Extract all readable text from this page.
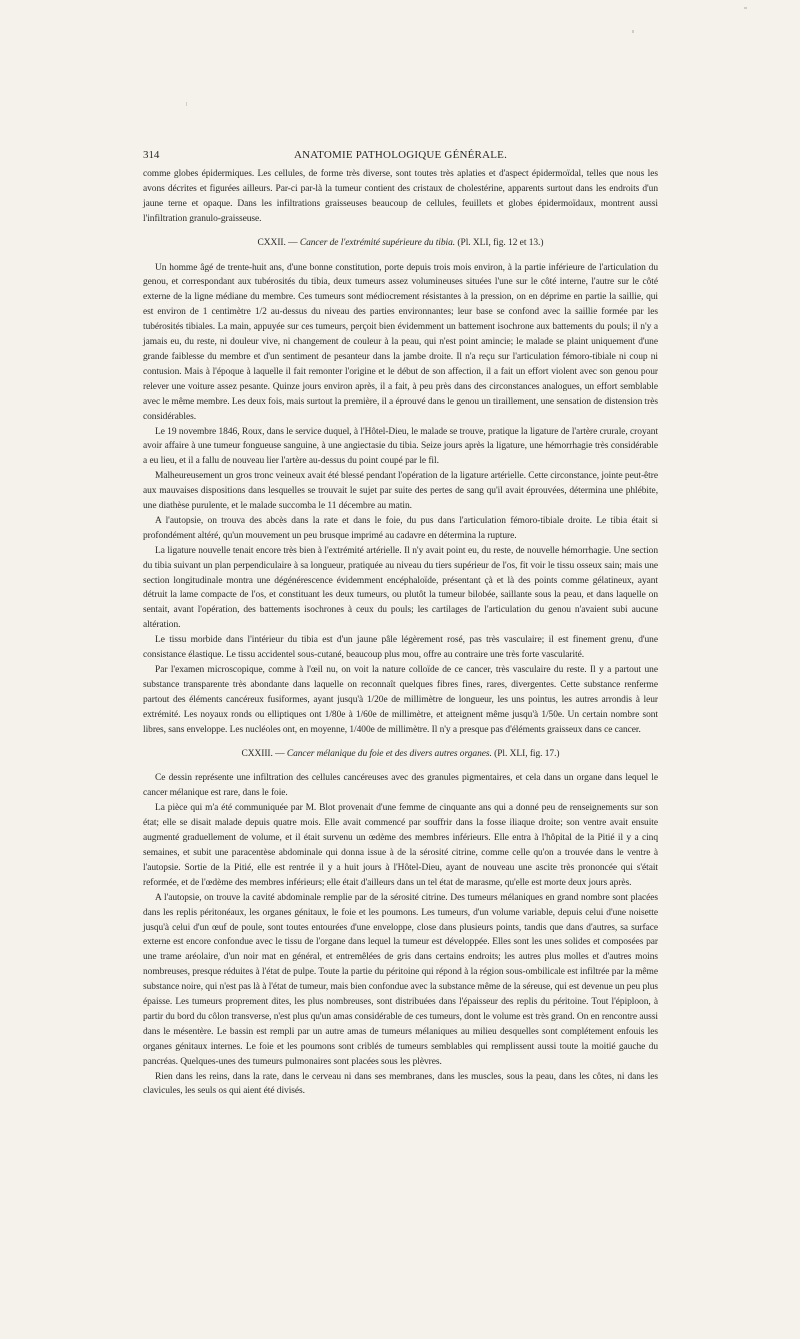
314	ANATOMIE PATHOLOGIQUE GÉNÉRALE.

comme globes épidermiques. Les cellules, de forme très diverse, sont toutes très aplaties et d'aspect épidermoïdal, telles que nous les avons décrites et figurées ailleurs. Par-ci par-là la tumeur contient des cristaux de cholestérine, apparents surtout dans les endroits d'un jaune terne et opaque. Dans les infiltrations graisseuses beaucoup de cellules, feuillets et globes épidermoïdaux, montrent aussi l'infiltration granulo-graisseuse.

CXXII. — Cancer de l'extrémité supérieure du tibia. (Pl. XLI, fig. 12 et 13.)

Un homme âgé de trente-huit ans, d'une bonne constitution, porte depuis trois mois environ, à la partie inférieure de l'articulation du genou, et correspondant aux tubérosités du tibia, deux tumeurs assez volumineuses situées l'une sur le côté interne, l'autre sur le côté externe de la ligne médiane du membre. Ces tumeurs sont médiocrement résistantes à la pression, on en déprime en partie la saillie, qui est environ de 1 centimètre 1/2 au-dessus du niveau des parties environnantes; leur base se confond avec la saillie formée par les tubérosités tibiales. La main, appuyée sur ces tumeurs, perçoit bien évidemment un battement isochrone aux battements du pouls; il n'y a jamais eu, du reste, ni douleur vive, ni changement de couleur à la peau, qui n'est point amincie; le malade se plaint uniquement d'une grande faiblesse du membre et d'un sentiment de pesanteur dans la jambe droite. Il n'a reçu sur l'articulation fémoro-tibiale ni coup ni contusion. Mais à l'époque à laquelle il fait remonter l'origine et le début de son affection, il a fait un effort violent avec son genou pour relever une voiture assez pesante. Quinze jours environ après, il a fait, à peu près dans des circonstances analogues, un effort semblable avec le même membre. Les deux fois, mais surtout la première, il a éprouvé dans le genou un tiraillement, une sensation de distension très considérables.

Le 19 novembre 1846, Roux, dans le service duquel, à l'Hôtel-Dieu, le malade se trouve, pratique la ligature de l'artère crurale, croyant avoir affaire à une tumeur fongueuse sanguine, à une angiectasie du tibia. Seize jours après la ligature, une hémorrhagie très considérable a eu lieu, et il a fallu de nouveau lier l'artère au-dessus du point coupé par le fil.

Malheureusement un gros tronc veineux avait été blessé pendant l'opération de la ligature artérielle. Cette circonstance, jointe peut-être aux mauvaises dispositions dans lesquelles se trouvait le sujet par suite des pertes de sang qu'il avait éprouvées, détermina une phlébite, une diathèse purulente, et le malade succomba le 11 décembre au matin.

A l'autopsie, on trouva des abcès dans la rate et dans le foie, du pus dans l'articulation fémoro-tibiale droite. Le tibia était si profondément altéré, qu'un mouvement un peu brusque imprimé au cadavre en détermina la rupture.

La ligature nouvelle tenait encore très bien à l'extrémité artérielle. Il n'y avait point eu, du reste, de nouvelle hémorrhagie. Une section du tibia suivant un plan perpendiculaire à sa longueur, pratiquée au niveau du tiers supérieur de l'os, fit voir le tissu osseux sain; mais une section longitudinale montra une dégénérescence évidemment encéphaloïde, présentant çà et là des points comme gélatineux, ayant détruit la lame compacte de l'os, et constituant les deux tumeurs, ou plutôt la tumeur bilobée, saillante sous la peau, et dans laquelle on sentait, avant l'opération, des battements isochrones à ceux du pouls; les cartilages de l'articulation du genou n'avaient subi aucune altération.

Le tissu morbide dans l'intérieur du tibia est d'un jaune pâle légèrement rosé, pas très vasculaire; il est finement grenu, d'une consistance élastique. Le tissu accidentel sous-cutané, beaucoup plus mou, offre au contraire une très forte vascularité.

Par l'examen microscopique, comme à l'œil nu, on voit la nature colloïde de ce cancer, très vasculaire du reste. Il y a partout une substance transparente très abondante dans laquelle on reconnaît quelques fibres fines, rares, divergentes. Cette substance renferme partout des éléments cancéreux fusiformes, ayant jusqu'à 1/20e de millimètre de longueur, les uns pointus, les autres arrondis à leur extrémité. Les noyaux ronds ou elliptiques ont 1/80e à 1/60e de millimètre, et atteignent même jusqu'à 1/50e. Un certain nombre sont libres, sans enveloppe. Les nucléoles ont, en moyenne, 1/400e de millimètre. Il n'y a presque pas d'éléments graisseux dans ce cancer.

CXXIII. — Cancer mélanique du foie et des divers autres organes. (Pl. XLI, fig. 17.)

Ce dessin représente une infiltration des cellules cancéreuses avec des granules pigmentaires, et cela dans un organe dans lequel le cancer mélanique est rare, dans le foie.

La pièce qui m'a été communiquée par M. Blot provenait d'une femme de cinquante ans qui a donné peu de renseignements sur son état; elle se disait malade depuis quatre mois. Elle avait commencé par souffrir dans la fosse iliaque droite; son ventre avait ensuite augmenté graduellement de volume, et il était survenu un œdème des membres inférieurs. Elle entra à l'hôpital de la Pitié il y a cinq semaines, et subit une paracentèse abdominale qui donna issue à de la sérosité citrine, comme celle qu'on a trouvée dans le ventre à l'autopsie. Sortie de la Pitié, elle est rentrée il y a huit jours à l'Hôtel-Dieu, ayant de nouveau une ascite très prononcée qui s'était reformée, et de l'œdème des membres inférieurs; elle était d'ailleurs dans un tel état de marasme, qu'elle est morte deux jours après.

A l'autopsie, on trouve la cavité abdominale remplie par de la sérosité citrine. Des tumeurs mélaniques en grand nombre sont placées dans les replis péritonéaux, les organes génitaux, le foie et les poumons. Les tumeurs, d'un volume variable, depuis celui d'une noisette jusqu'à celui d'un œuf de poule, sont toutes entourées d'une enveloppe, close dans plusieurs points, tandis que dans d'autres, sa surface externe est encore confondue avec le tissu de l'organe dans lequel la tumeur est développée. Elles sont les unes solides et composées par une trame aréolaire, d'un noir mat en général, et entremêlées de gris dans certains endroits; les autres plus molles et d'autres moins nombreuses, presque réduites à l'état de pulpe. Toute la partie du péritoine qui répond à la région sous-ombilicale est infiltrée par la même substance noire, qui n'est pas là à l'état de tumeur, mais bien confondue avec la substance même de la séreuse, qui est devenue un peu plus épaisse. Les tumeurs proprement dites, les plus nombreuses, sont distribuées dans l'épaisseur des replis du péritoine. Tout l'épiploon, à partir du bord du côlon transverse, n'est plus qu'un amas considérable de ces tumeurs, dont le volume est très grand. On en rencontre aussi dans le mésentère. Le bassin est rempli par un autre amas de tumeurs mélaniques au milieu desquelles sont complétement enfouis les organes génitaux internes. Le foie et les poumons sont criblés de tumeurs semblables qui remplissent aussi toute la moitié gauche du pancréas. Quelques-unes des tumeurs pulmonaires sont placées sous les plèvres.

Rien dans les reins, dans la rate, dans le cerveau ni dans ses membranes, dans les muscles, sous la peau, dans les côtes, ni dans les clavicules, les seuls os qui aient été divisés.
